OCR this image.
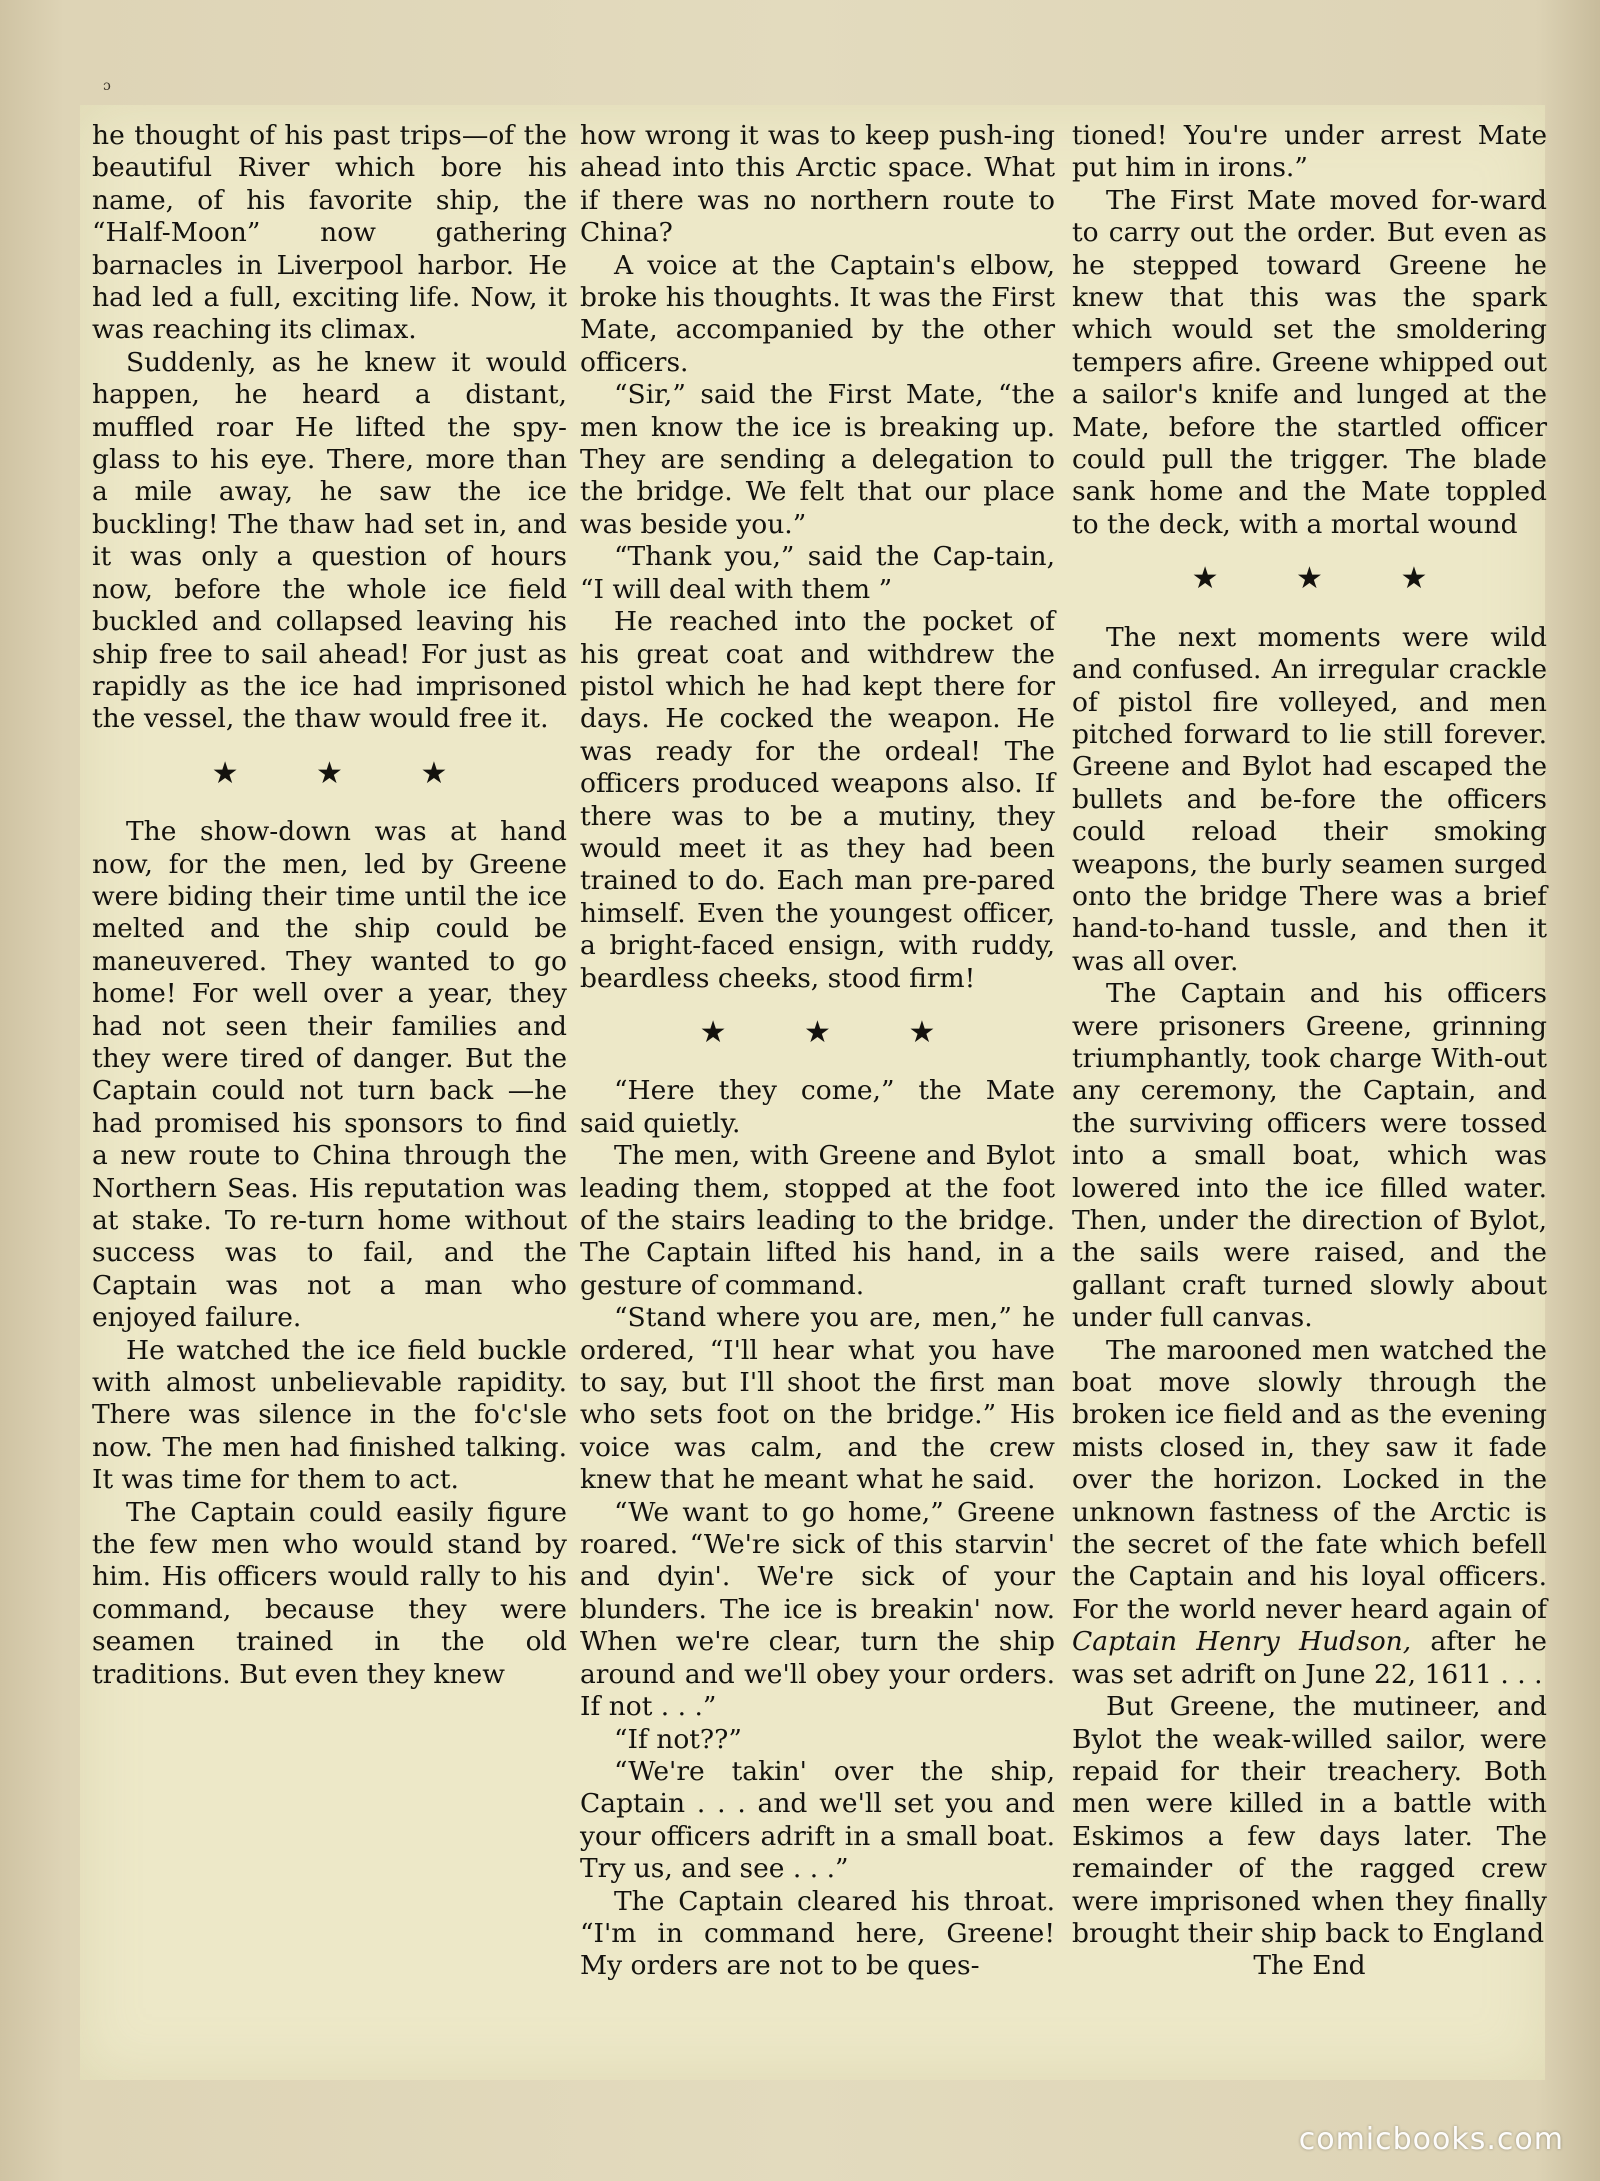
ɔ

he thought of his past trips—of the beautiful River which bore his name, of his favorite ship, the “Half-Moon” now gathering barnacles in Liverpool harbor. He had led a full, exciting life. Now, it was reaching its climax.

Suddenly, as he knew it would happen, he heard a distant, muffled roar He lifted the spy-glass to his eye. There, more than a mile away, he saw the ice buckling! The thaw had set in, and it was only a question of hours now, before the whole ice field buckled and collapsed leaving his ship free to sail ahead! For just as rapidly as the ice had imprisoned the vessel, the thaw would free it.

★ ★ ★

The show-down was at hand now, for the men, led by Greene were biding their time until the ice melted and the ship could be maneuvered. They wanted to go home! For well over a year, they had not seen their families and they were tired of danger. But the Captain could not turn back —he had promised his sponsors to find a new route to China through the Northern Seas. His reputation was at stake. To re-turn home without success was to fail, and the Captain was not a man who enjoyed failure.

He watched the ice field buckle with almost unbelievable rapidity. There was silence in the fo'c'sle now. The men had finished talking. It was time for them to act.

The Captain could easily figure the few men who would stand by him. His officers would rally to his command, because they were seamen trained in the old traditions. But even they knew

how wrong it was to keep push-ing ahead into this Arctic space. What if there was no northern route to China?

A voice at the Captain's elbow, broke his thoughts. It was the First Mate, accompanied by the other officers.

“Sir,” said the First Mate, “the men know the ice is breaking up. They are sending a delegation to the bridge. We felt that our place was beside you.”

“Thank you,” said the Cap-tain, “I will deal with them ”

He reached into the pocket of his great coat and withdrew the pistol which he had kept there for days. He cocked the weapon. He was ready for the ordeal! The officers produced weapons also. If there was to be a mutiny, they would meet it as they had been trained to do. Each man pre-pared himself. Even the youngest officer, a bright-faced ensign, with ruddy, beardless cheeks, stood firm!

★ ★ ★

“Here they come,” the Mate said quietly.

The men, with Greene and Bylot leading them, stopped at the foot of the stairs leading to the bridge. The Captain lifted his hand, in a gesture of command.

“Stand where you are, men,” he ordered, “I'll hear what you have to say, but I'll shoot the first man who sets foot on the bridge.” His voice was calm, and the crew knew that he meant what he said.

“We want to go home,” Greene roared. “We're sick of this starvin' and dyin'. We're sick of your blunders. The ice is breakin' now. When we're clear, turn the ship around and we'll obey your orders. If not . . .”

“If not??”

“We're takin' over the ship, Captain . . . and we'll set you and your officers adrift in a small boat. Try us, and see . . .”

The Captain cleared his throat. “I'm in command here, Greene! My orders are not to be ques-

tioned! You're under arrest Mate put him in irons.”

The First Mate moved for-ward to carry out the order. But even as he stepped toward Greene he knew that this was the spark which would set the smoldering tempers afire. Greene whipped out a sailor's knife and lunged at the Mate, before the startled officer could pull the trigger. The blade sank home and the Mate toppled to the deck, with a mortal wound

★ ★ ★

The next moments were wild and confused. An irregular crackle of pistol fire volleyed, and men pitched forward to lie still forever. Greene and Bylot had escaped the bullets and be-fore the officers could reload their smoking weapons, the burly seamen surged onto the bridge There was a brief hand-to-hand tussle, and then it was all over.

The Captain and his officers were prisoners Greene, grinning triumphantly, took charge With-out any ceremony, the Captain, and the surviving officers were tossed into a small boat, which was lowered into the ice filled water. Then, under the direction of Bylot, the sails were raised, and the gallant craft turned slowly about under full canvas.

The marooned men watched the boat move slowly through the broken ice field and as the evening mists closed in, they saw it fade over the horizon. Locked in the unknown fastness of the Arctic is the secret of the fate which befell the Captain and his loyal officers. For the world never heard again of Captain Henry Hudson, after he was set adrift on June 22, 1611 . . .

But Greene, the mutineer, and Bylot the weak-willed sailor, were repaid for their treachery. Both men were killed in a battle with Eskimos a few days later. The remainder of the ragged crew were imprisoned when they finally brought their ship back to England

The End

comicbooks.com
